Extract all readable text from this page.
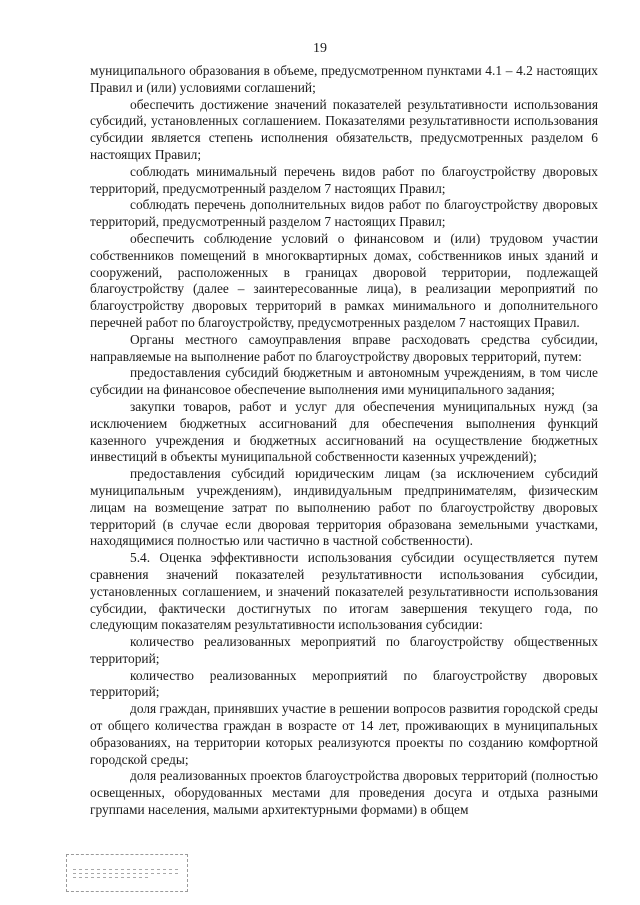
19

муниципального образования в объеме, предусмотренном пунктами 4.1 – 4.2 настоящих Правил и (или) условиями соглашений;

обеспечить достижение значений показателей результативности использования субсидий, установленных соглашением. Показателями результативности использования субсидии является степень исполнения обязательств, предусмотренных разделом 6 настоящих Правил;

соблюдать минимальный перечень видов работ по благоустройству дворовых территорий, предусмотренный разделом 7 настоящих Правил;

соблюдать перечень дополнительных видов работ по благоустройству дворовых территорий, предусмотренный разделом 7 настоящих Правил;

обеспечить соблюдение условий о финансовом и (или) трудовом участии собственников помещений в многоквартирных домах, собственников иных зданий и сооружений, расположенных в границах дворовой территории, подлежащей благоустройству (далее – заинтересованные лица), в реализации мероприятий по благоустройству дворовых территорий в рамках минимального и дополнительного перечней работ по благоустройству, предусмотренных разделом 7 настоящих Правил.

Органы местного самоуправления вправе расходовать средства субсидии, направляемые на выполнение работ по благоустройству дворовых территорий, путем:

предоставления субсидий бюджетным и автономным учреждениям, в том числе субсидии на финансовое обеспечение выполнения ими муниципального задания;

закупки товаров, работ и услуг для обеспечения муниципальных нужд (за исключением бюджетных ассигнований для обеспечения выполнения функций казенного учреждения и бюджетных ассигнований на осуществление бюджетных инвестиций в объекты муниципальной собственности казенных учреждений);

предоставления субсидий юридическим лицам (за исключением субсидий муниципальным учреждениям), индивидуальным предпринимателям, физическим лицам на возмещение затрат по выполнению работ по благоустройству дворовых территорий (в случае если дворовая территория образована земельными участками, находящимися полностью или частично в частной собственности).

5.4. Оценка эффективности использования субсидии осуществляется путем сравнения значений показателей результативности использования субсидии, установленных соглашением, и значений показателей результативности использования субсидии, фактически достигнутых по итогам завершения текущего года, по следующим показателям результативности использования субсидии:

количество реализованных мероприятий по благоустройству общественных территорий;

количество реализованных мероприятий по благоустройству дворовых территорий;

доля граждан, принявших участие в решении вопросов развития городской среды от общего количества граждан в возрасте от 14 лет, проживающих в муниципальных образованиях, на территории которых реализуются проекты по созданию комфортной городской среды;

доля реализованных проектов благоустройства дворовых территорий (полностью освещенных, оборудованных местами для проведения досуга и отдыха разными группами населения, малыми архитектурными формами) в общем
